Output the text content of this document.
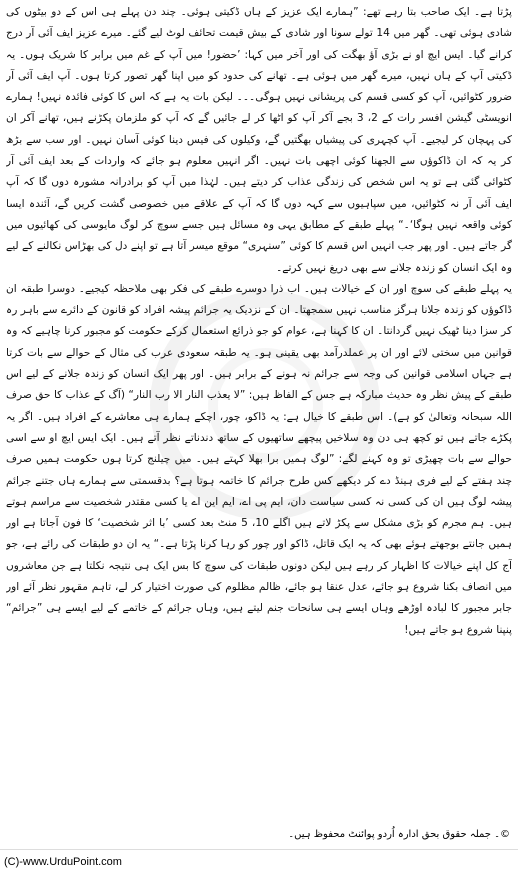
پڑتا ہے۔ ایک صاحب بتا رہے تھے: ”ہمارے ایک عزیز کے ہاں ڈکیتی ہوئی۔ چند دن پہلے ہی اس کے دو بیٹوں کی شادی ہوئی تھی۔ گھر میں 14 تولے سونا اور شادی کے بیش قیمت تحائف لوٹ لیے گئے۔ میرے عزیز ایف آئی آر درج کرانے گیا۔ ایس ایچ او نے بڑی آؤ بھگت کی اور آخر میں کہا: ’حضور! میں آپ کے غم میں برابر کا شریک ہوں۔ یہ ڈکیتی آپ کے ہاں نہیں، میرے گھر میں ہوئی ہے۔ تھانے کی حدود کو میں اپنا گھر تصور کرتا ہوں۔ آپ ایف آئی آر ضرور کٹوائیں، آپ کو کسی قسم کی پریشانی نہیں ہوگی۔۔۔ لیکن بات یہ ہے کہ اس کا کوئی فائدہ نہیں! ہمارے انویسٹی گیشن افسر رات کے 2، 3 بجے آکر آپ کو اٹھا کر لے جائیں گے کہ آپ کو ملزمان پکڑنے ہیں، تھانے آکر ان کی پہچان کر لیجیے۔ آپ کچہری کی پیشیاں بھگتیں گے، وکیلوں کی فیس دینا کوئی آسان نہیں۔ اور سب سے بڑھ کر یہ کہ ان ڈاکوؤں سے الجھنا کوئی اچھی بات نہیں۔ اگر انہیں معلوم ہو جائے کہ واردات کے بعد ایف آئی آر کٹوائی گئی ہے تو یہ اس شخص کی زندگی عذاب کر دیتے ہیں۔ لہٰذا میں آپ کو برادرانہ مشورہ دوں گا کہ آپ ایف آئی آر نہ کٹوائیں، میں سپاہیوں سے کہہ دوں گا کہ آپ کے علاقے میں خصوصی گشت کریں گے، آئندہ ایسا کوئی واقعہ نہیں ہوگا‘۔“ پہلے طبقے کے مطابق یہی وہ مسائل ہیں جسے سوچ کر لوگ مایوسی کی کھائیوں میں گر جاتے ہیں۔ اور پھر جب انہیں اس قسم کا کوئی ”سنہری“ موقع میسر آتا ہے تو اپنے دل کی بھڑاس نکالنے کے لیے وہ ایک انسان کو زندہ جلانے سے بھی دریغ نہیں کرتے۔

یہ پہلے طبقے کی سوچ اور ان کے خیالات ہیں۔ اب ذرا دوسرے طبقے کی فکر بھی ملاحظہ کیجیے۔ دوسرا طبقہ ان ڈاکوؤں کو زندہ جلانا ہرگز مناسب نہیں سمجھتا۔ ان کے نزدیک یہ جرائم پیشہ افراد کو قانون کے دائرے سے باہر رہ کر سزا دینا ٹھیک نہیں گردانتا۔ ان کا کہنا ہے، عوام کو جو ذرائع استعمال کرکے حکومت کو مجبور کرنا چاہیے کہ وہ قوانین میں سختی لائے اور ان پر عملدرآمد بھی یقینی ہو۔ یہ طبقہ سعودی عرب کی مثال کے حوالے سے بات کرتا ہے جہاں اسلامی قوانین کی وجہ سے جرائم نہ ہونے کے برابر ہیں۔ اور پھر ایک انسان کو زندہ جلانے کے لیے اس طبقے کے پیش نظر وہ حدیث مبارکہ ہے جس کے الفاظ ہیں: ”لا یعذب النار الا رب النار“ (آگ کے عذاب کا حق صرف اللہ سبحانہ وتعالیٰ کو ہے)۔ اس طبقے کا خیال ہے: یہ ڈاکو، چور، اچکے ہمارے ہی معاشرے کے افراد ہیں۔ اگر یہ پکڑے جاتے ہیں تو کچھ ہی دن وہ سلاخیں پیچھے ساتھیوں کے ساتھ دندناتے نظر آتے ہیں۔ ایک ایس ایچ او سے اسی حوالے سے بات چھیڑی تو وہ کہنے لگے: ”لوگ ہمیں برا بھلا کہتے ہیں۔ میں چیلنج کرتا ہوں حکومت ہمیں صرف چند ہفتے کے لیے فری ہینڈ دے کر دیکھے کس طرح جرائم کا خاتمہ ہوتا ہے؟ بدقسمتی سے ہمارے ہاں جتنے جرائم پیشہ لوگ ہیں ان کی کسی نہ کسی سیاست دان، ایم پی اے، ایم این اے یا کسی مقتدر شخصیت سے مراسم ہوتے ہیں۔ ہم مجرم کو بڑی مشکل سے پکڑ لاتے ہیں اگلے 10، 5 منٹ بعد کسی ’با اثر شخصیت‘ کا فون آجاتا ہے اور ہمیں جانتے بوجھتے ہوئے بھی کہ یہ ایک قاتل، ڈاکو اور چور کو رہا کرنا پڑتا ہے۔“ یہ ان دو طبقات کی رائے ہے، جو آج کل اپنے خیالات کا اظہار کر رہے ہیں لیکن دونوں طبقات کی سوچ کا بس ایک ہی نتیجہ نکلتا ہے جن معاشروں میں انصاف بکنا شروع ہو جائے، عدل عنقا ہو جائے، ظالم مظلوم کی صورت اختیار کر لے، تاہم مقہور نظر آئے اور جابر مجبور کا لبادہ اوڑھے وہاں ایسے ہی سانحات جنم لیتے ہیں، وہاں جرائم کے خاتمے کے لیے ایسے ہی ”جرائم“ پنپنا شروع ہو جاتے ہیں!

©۔ جملہ حقوق بحق ادارہ اُردو پوائنٹ محفوظ ہیں۔
(C)-www.UrduPoint.com
